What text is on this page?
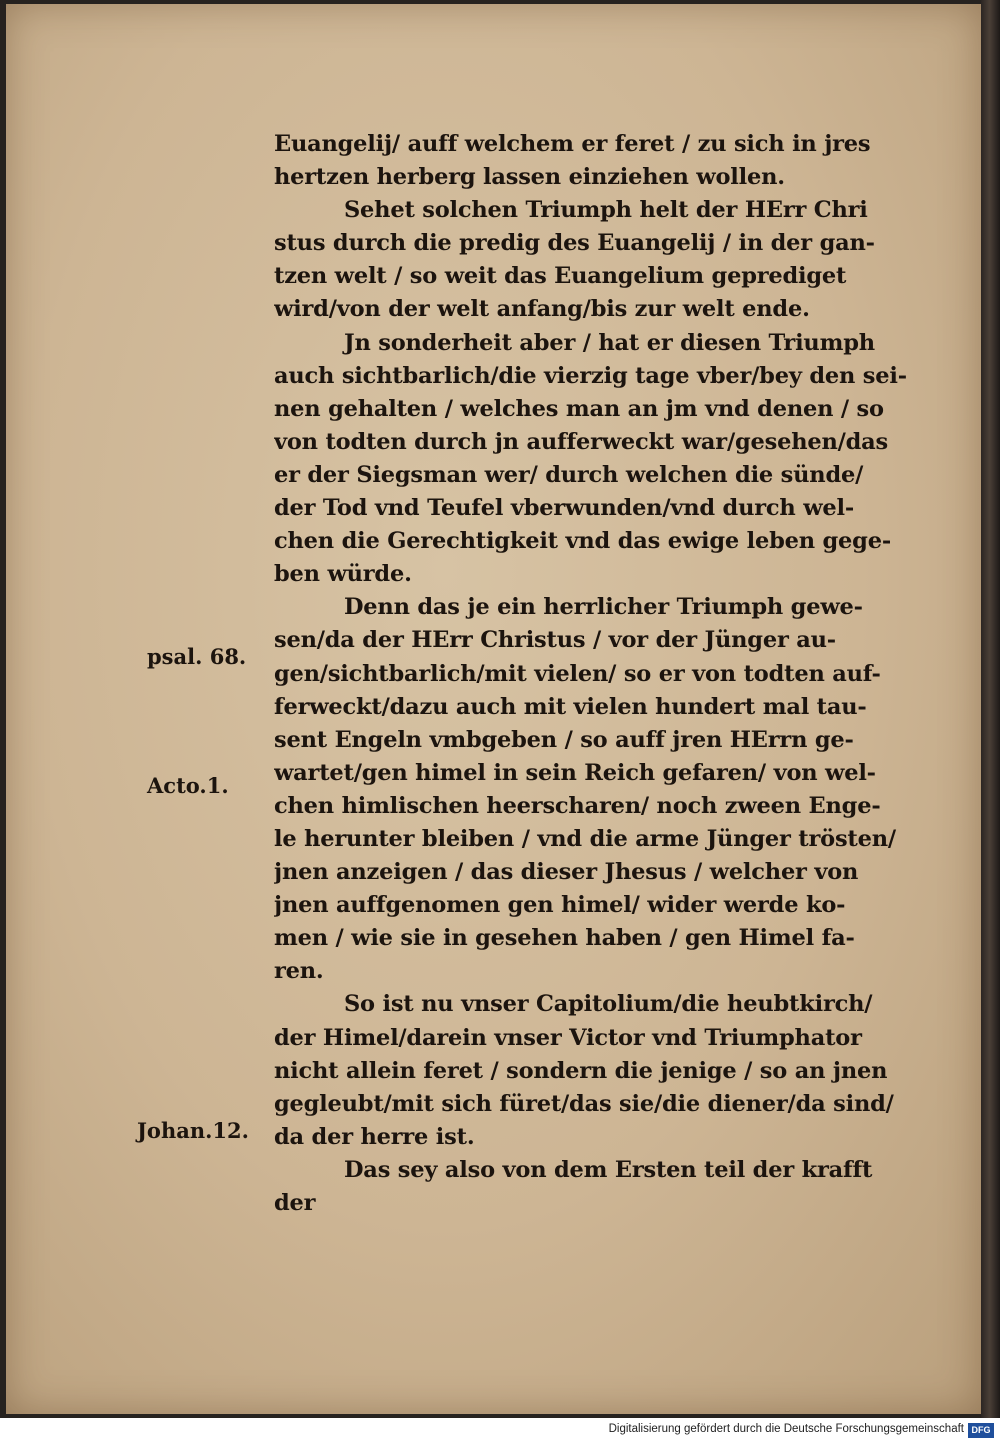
Euangelij/ auff welchem er feret / zu sich in jres
hertzen herberg lassen einziehen wollen.
Sehet solchen Triumph helt der HErr Chri
stus durch die predig des Euangelij / in der gan-
tzen welt / so weit das Euangelium geprediget
wird/von der welt anfang/bis zur welt ende.
Jn sonderheit aber / hat er diesen Triumph
auch sichtbarlich/die vierzig tage vber/bey den sei-
nen gehalten / welches man an jm vnd denen / so
von todten durch jn aufferweckt war/gesehen/das
er der Siegsman wer/ durch welchen die sünde/
der Tod vnd Teufel vberwunden/vnd durch wel-
chen die Gerechtigkeit vnd das ewige leben gege-
ben würde.
Denn das je ein herrlicher Triumph gewe-
sen/da der HErr Christus / vor der Jünger au-
gen/sichtbarlich/mit vielen/ so er von todten auf-
ferweckt/dazu auch mit vielen hundert mal tau-
sent Engeln vmbgeben / so auff jren HErrn ge-
wartet/gen himel in sein Reich gefaren/ von wel-
chen himlischen heerscharen/ noch zween Enge-
le herunter bleiben / vnd die arme Jünger trösten/
jnen anzeigen / das dieser Jhesus / welcher von
jnen auffgenomen gen himel/ wider werde ko-
men / wie sie in gesehen haben / gen Himel fa-
ren.
So ist nu vnser Capitolium/die heubtkirch/
der Himel/darein vnser Victor vnd Triumphator
nicht allein feret / sondern die jenige / so an jnen
gegleubt/mit sich füret/das sie/die diener/da sind/
da der herre ist.
Das sey also von dem Ersten teil der krafft
der
psal. 68.
Acto.1.
Johan.12.
Digitalisierung gefördert durch die Deutsche Forschungsgemeinschaft DFG
